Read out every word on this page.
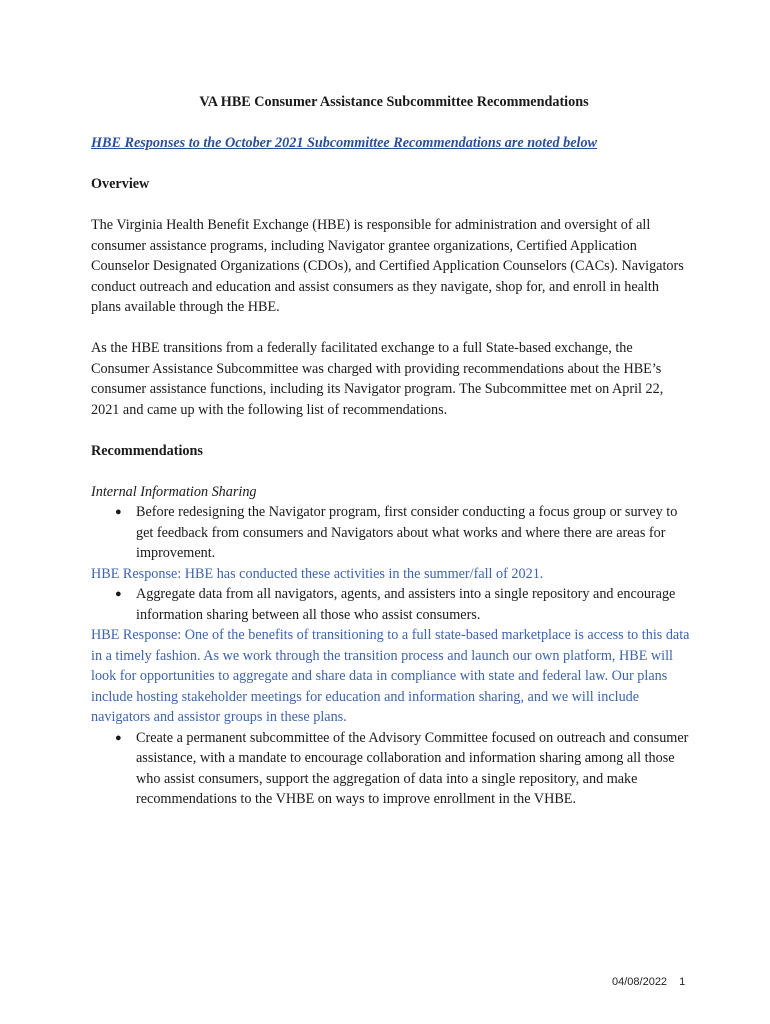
VA HBE Consumer Assistance Subcommittee Recommendations

HBE Responses to the October 2021 Subcommittee Recommendations are noted below

Overview

The Virginia Health Benefit Exchange (HBE) is responsible for administration and oversight of all consumer assistance programs, including Navigator grantee organizations, Certified Application Counselor Designated Organizations (CDOs), and Certified Application Counselors (CACs). Navigators conduct outreach and education and assist consumers as they navigate, shop for, and enroll in health plans available through the HBE.

As the HBE transitions from a federally facilitated exchange to a full State-based exchange, the Consumer Assistance Subcommittee was charged with providing recommendations about the HBE’s consumer assistance functions, including its Navigator program. The Subcommittee met on April 22, 2021 and came up with the following list of recommendations.

Recommendations

Internal Information Sharing

● Before redesigning the Navigator program, first consider conducting a focus group or survey to get feedback from consumers and Navigators about what works and where there are areas for improvement.

HBE Response: HBE has conducted these activities in the summer/fall of 2021.

● Aggregate data from all navigators, agents, and assisters into a single repository and encourage information sharing between all those who assist consumers.

HBE Response: One of the benefits of transitioning to a full state-based marketplace is access to this data in a timely fashion. As we work through the transition process and launch our own platform, HBE will look for opportunities to aggregate and share data in compliance with state and federal law. Our plans include hosting stakeholder meetings for education and information sharing, and we will include navigators and assistor groups in these plans.

● Create a permanent subcommittee of the Advisory Committee focused on outreach and consumer assistance, with a mandate to encourage collaboration and information sharing among all those who assist consumers, support the aggregation of data into a single repository, and make recommendations to the VHBE on ways to improve enrollment in the VHBE.
04/08/2022 1
